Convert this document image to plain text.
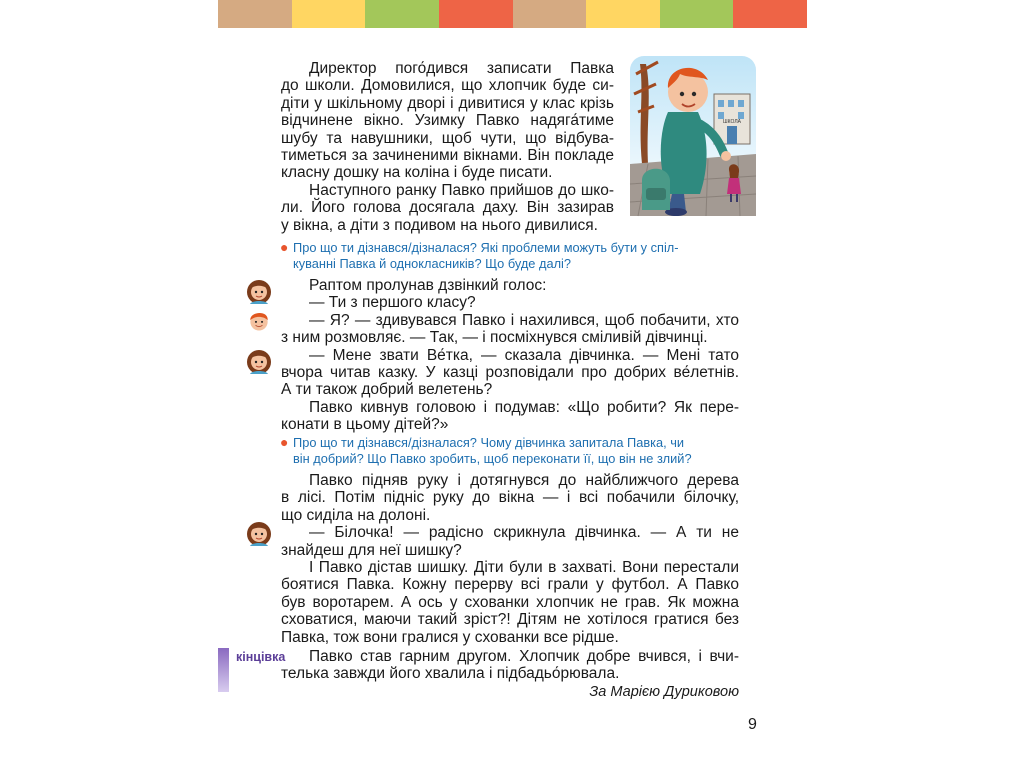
Директор пого́дився записати Павка

до школи. Домовилися, що хлопчик буде си-

діти у шкільному дворі і дивитися у клас крізь

відчинене вікно. Узимку Павко надяга́тиме

шубу та навушники, щоб чути, що відбува-

тиметься за зачиненими вікнами. Він покладе

класну дошку на коліна і буде писати.

Наступного ранку Павко прийшов до шко-

ли. Його голова досягала даху. Він зазирав

у вікна, а діти з подивом на нього дивилися.

ШКОЛА
● Про що ти дізнався/дізналася? Які проблеми можуть бути у спіл-
куванні Павка й однокласників? Що буде далі?

Раптом пролунав дзвінкий голос:

— Ти з першого класу?

— Я? — здивувався Павко і нахилився, щоб побачити, хто

з ним розмовляє. — Так, — і посміхнувся сміливій дівчинці.

— Мене звати Ве́тка, — сказала дівчинка. — Мені тато

вчора читав казку. У казці розповідали про добрих ве́летнів.

А ти також добрий велетень?

Павко кивнув головою і подумав: «Що робити? Як пере-

конати в цьому дітей?»

● Про що ти дізнався/дізналася? Чому дівчинка запитала Павка, чи
він добрий? Що Павко зробить, щоб переконати її, що він не злий?

Павко підняв руку і дотягнувся до найближчого дерева

в лісі. Потім підніс руку до вікна — і всі побачили білочку,

що сиділа на долоні.

— Білочка! — радісно скрикнула дівчинка. — А ти не

знайдеш для неї шишку?

І Павко дістав шишку. Діти були в захваті. Вони перестали

боятися Павка. Кожну перерву всі грали у футбол. А Павко

був воротарем. А ось у схованки хлопчик не грав. Як можна

сховатися, маючи такий зріст?! Дітям не хотілося гратися без

Павка, тож вони гралися у схованки все рідше.

кінцівка	Павко став гарним другом. Хлопчик добре вчився, і вчи-

телька завжди його хвалила і підбадьо́рювала.

За Марією Дуриковою
9
